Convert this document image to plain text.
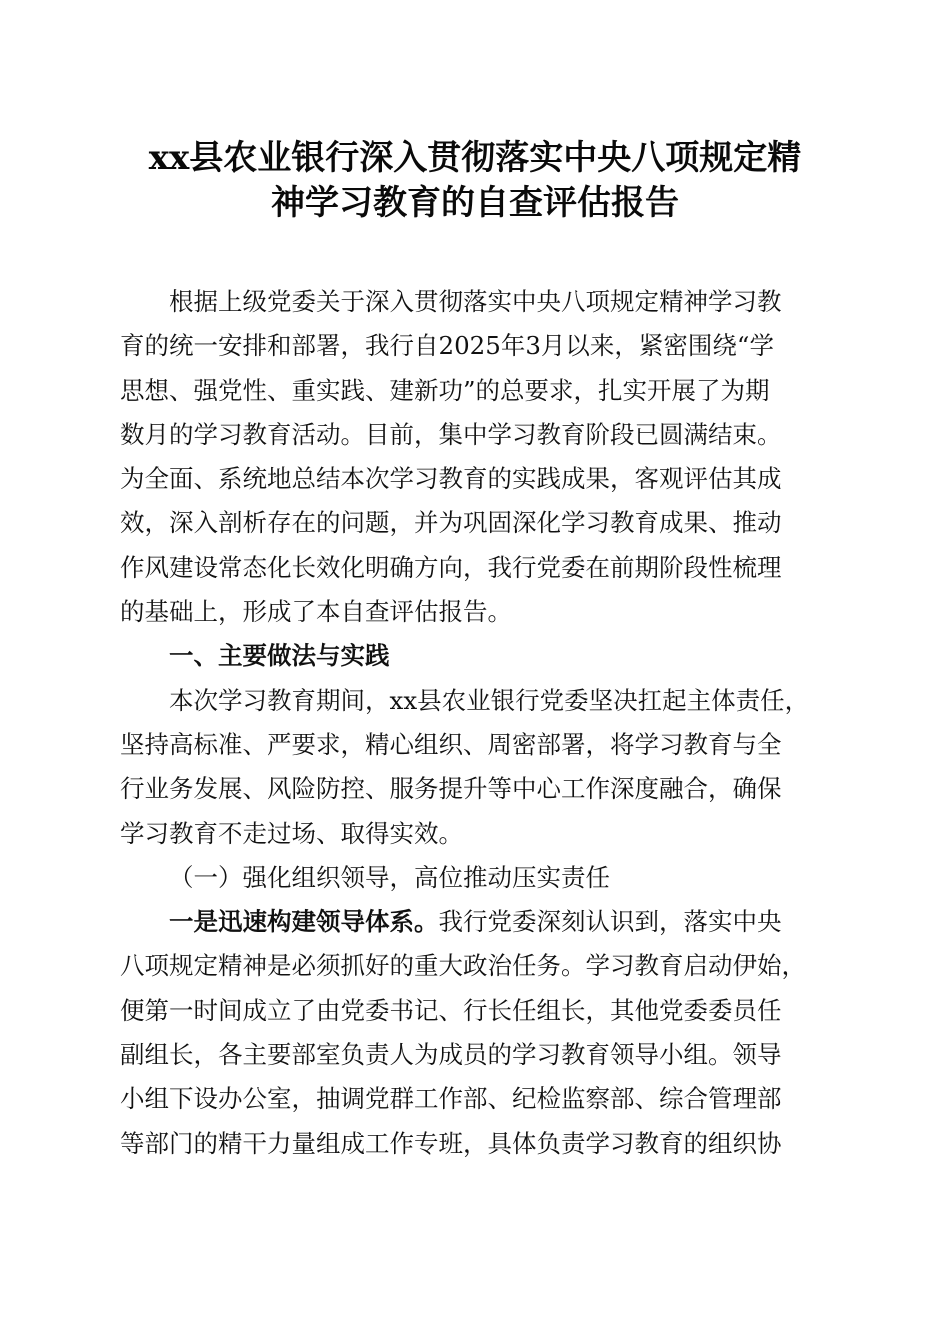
xx县农业银行深入贯彻落实中央八项规定精
神学习教育的自查评估报告
根据上级党委关于深入贯彻落实中央八项规定精神学习教
育的统一安排和部署，我行自2025年3月以来，紧密围绕“学
思想、强党性、重实践、建新功”的总要求，扎实开展了为期
数月的学习教育活动。目前，集中学习教育阶段已圆满结束。
为全面、系统地总结本次学习教育的实践成果，客观评估其成
效，深入剖析存在的问题，并为巩固深化学习教育成果、推动
作风建设常态化长效化明确方向，我行党委在前期阶段性梳理
的基础上，形成了本自查评估报告。
一、主要做法与实践
本次学习教育期间，xx县农业银行党委坚决扛起主体责任，
坚持高标准、严要求，精心组织、周密部署，将学习教育与全
行业务发展、风险防控、服务提升等中心工作深度融合，确保
学习教育不走过场、取得实效。
（一）强化组织领导，高位推动压实责任
一是迅速构建领导体系。我行党委深刻认识到，落实中央
八项规定精神是必须抓好的重大政治任务。学习教育启动伊始，
便第一时间成立了由党委书记、行长任组长，其他党委委员任
副组长，各主要部室负责人为成员的学习教育领导小组。领导
小组下设办公室，抽调党群工作部、纪检监察部、综合管理部
等部门的精干力量组成工作专班，具体负责学习教育的组织协
